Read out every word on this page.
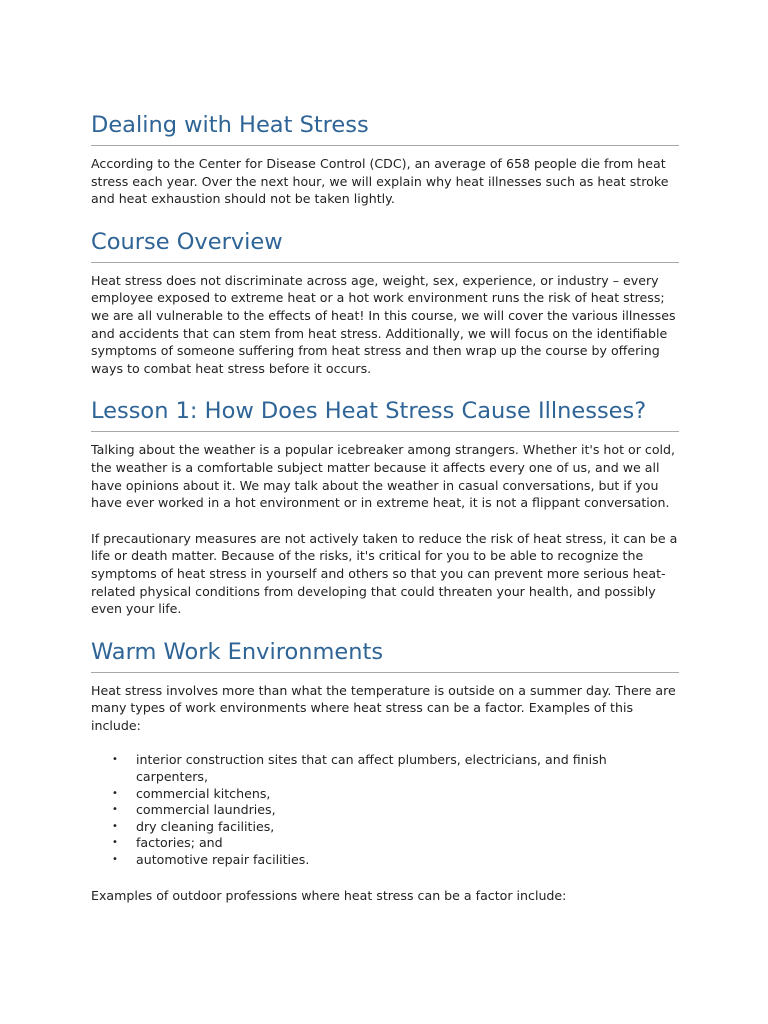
Dealing with Heat Stress

According to the Center for Disease Control (CDC), an average of 658 people die from heat stress each year. Over the next hour, we will explain why heat illnesses such as heat stroke and heat exhaustion should not be taken lightly.

Course Overview

Heat stress does not discriminate across age, weight, sex, experience, or industry – every employee exposed to extreme heat or a hot work environment runs the risk of heat stress; we are all vulnerable to the effects of heat! In this course, we will cover the various illnesses and accidents that can stem from heat stress. Additionally, we will focus on the identifiable symptoms of someone suffering from heat stress and then wrap up the course by offering ways to combat heat stress before it occurs.

Lesson 1: How Does Heat Stress Cause Illnesses?

Talking about the weather is a popular icebreaker among strangers. Whether it's hot or cold, the weather is a comfortable subject matter because it affects every one of us, and we all have opinions about it. We may talk about the weather in casual conversations, but if you have ever worked in a hot environment or in extreme heat, it is not a flippant conversation.

If precautionary measures are not actively taken to reduce the risk of heat stress, it can be a life or death matter. Because of the risks, it's critical for you to be able to recognize the symptoms of heat stress in yourself and others so that you can prevent more serious heat-related physical conditions from developing that could threaten your health, and possibly even your life.

Warm Work Environments

Heat stress involves more than what the temperature is outside on a summer day. There are many types of work environments where heat stress can be a factor. Examples of this include:

• interior construction sites that can affect plumbers, electricians, and finish carpenters,
• commercial kitchens,
• commercial laundries,
• dry cleaning facilities,
• factories; and
• automotive repair facilities.

Examples of outdoor professions where heat stress can be a factor include:
